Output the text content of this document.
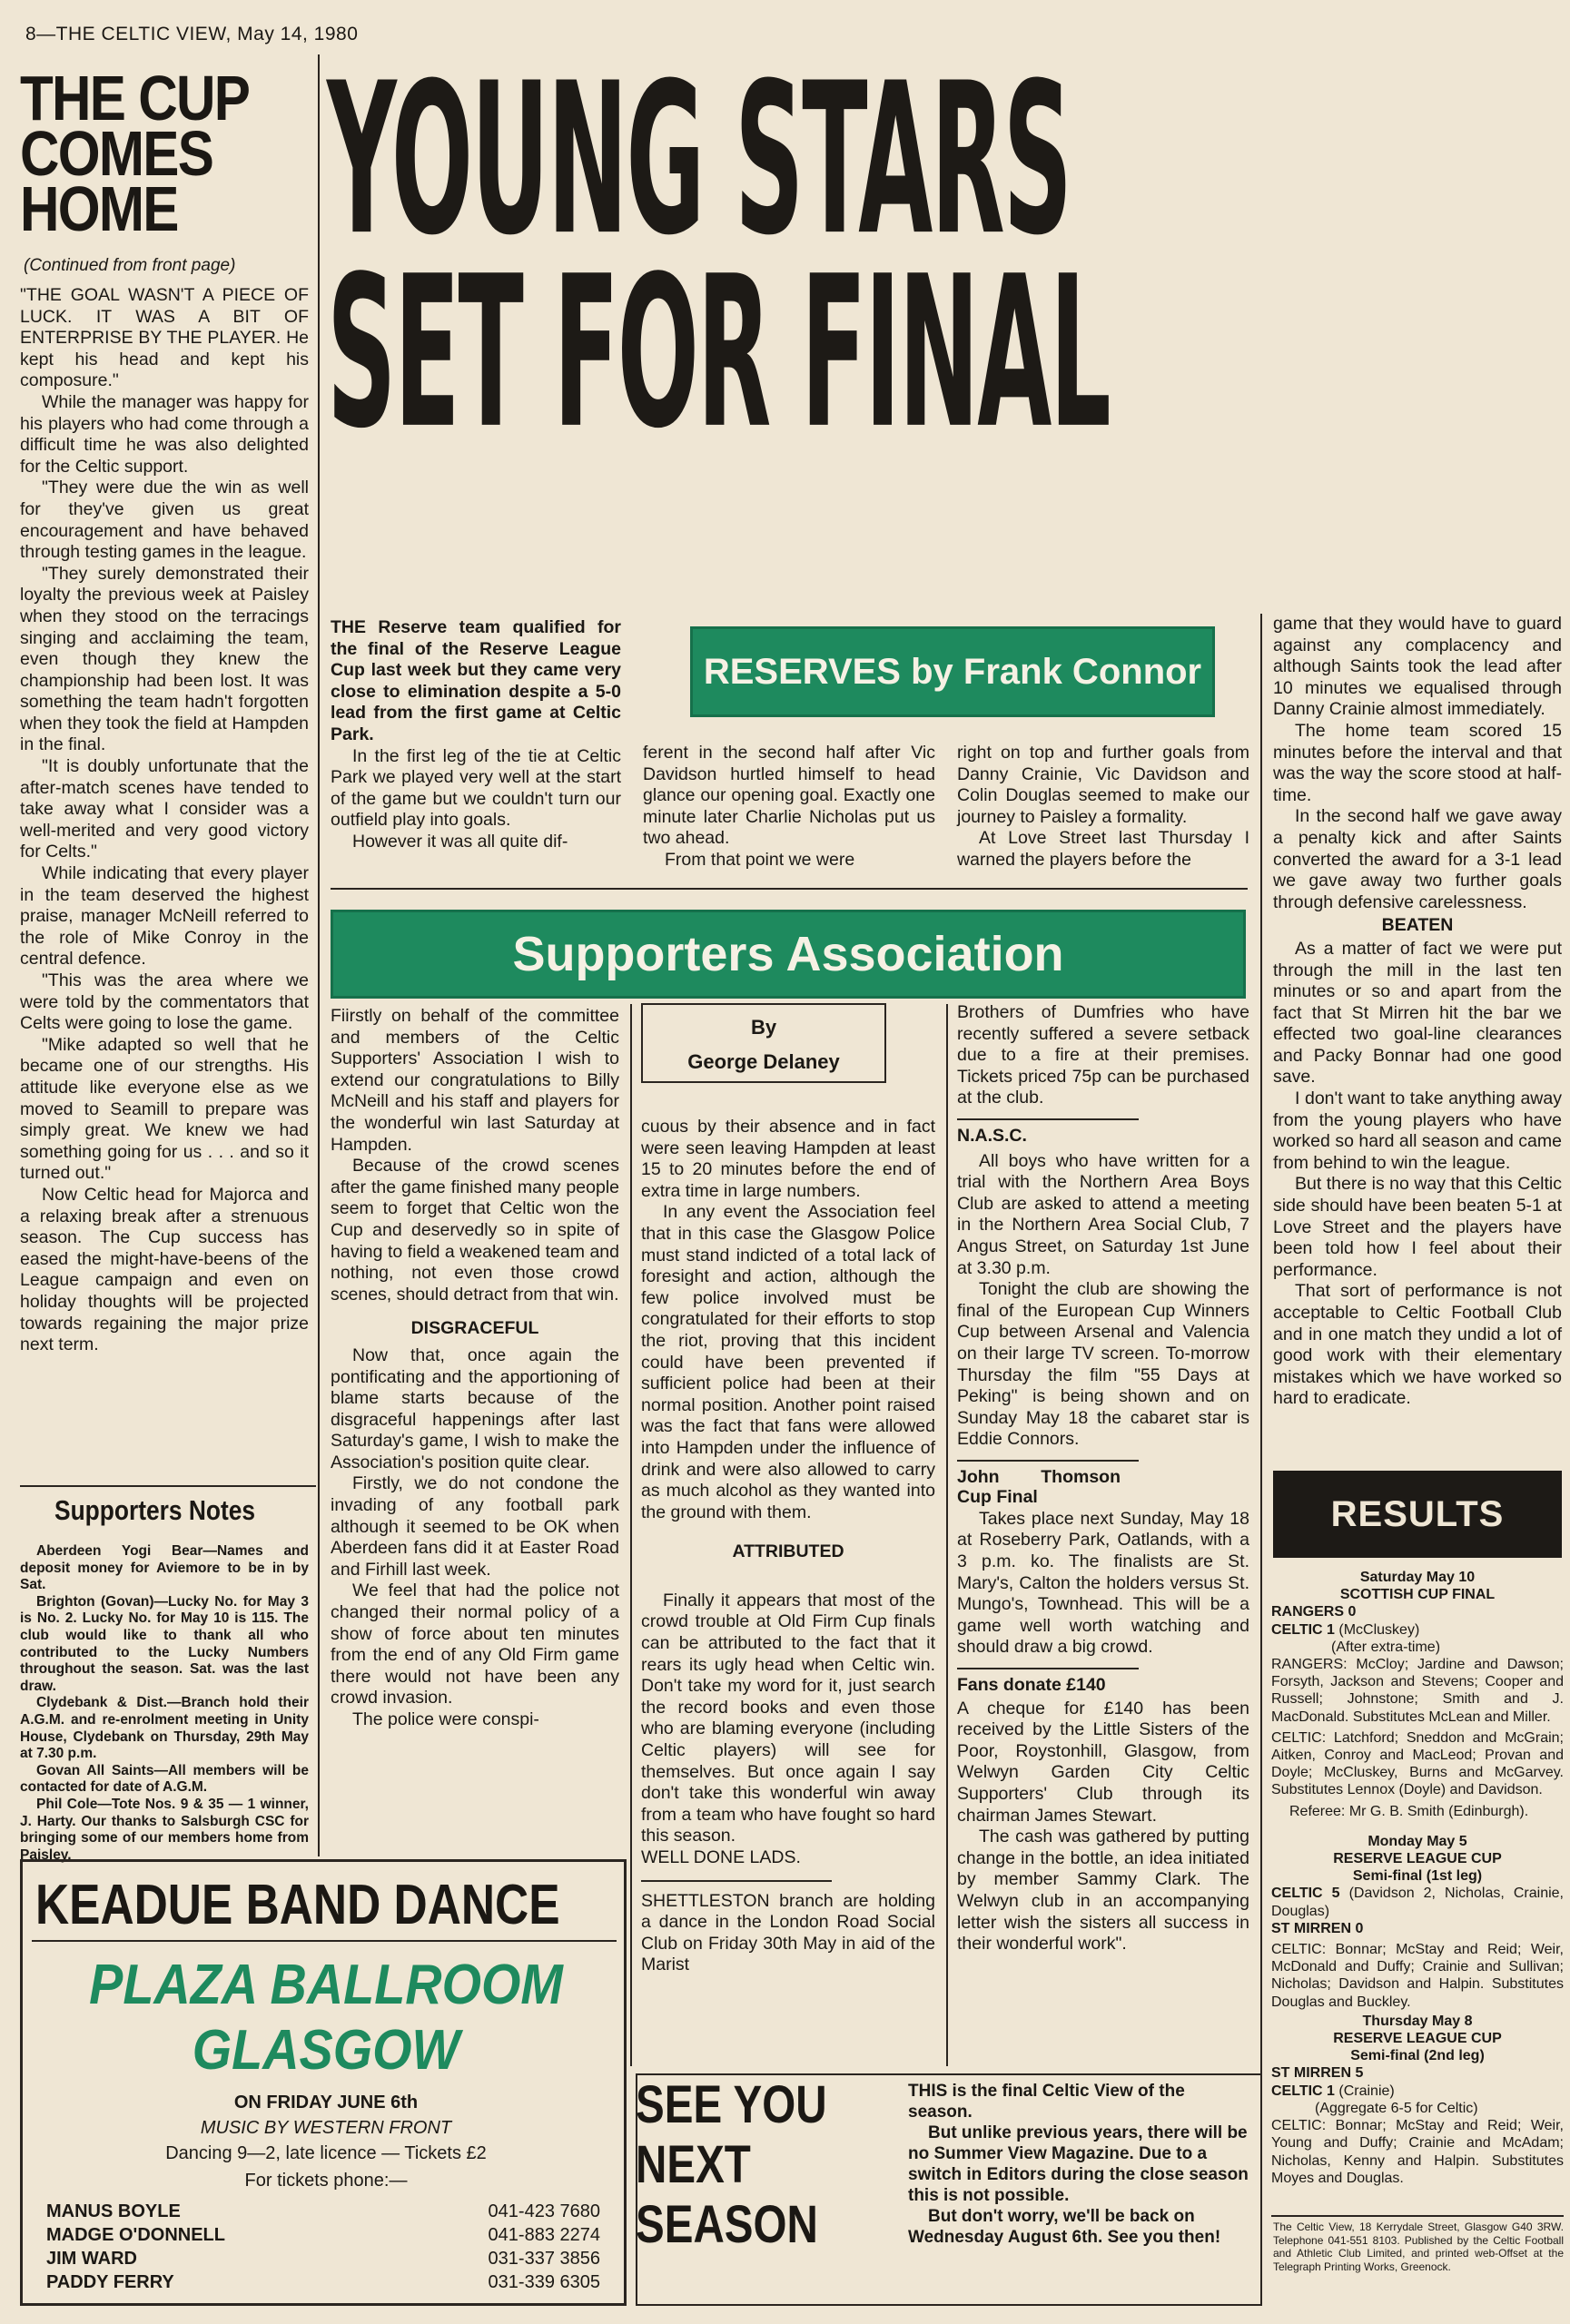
8—THE CELTIC VIEW, May 14, 1980
THE CUP
COMES
HOME
(Continued from front page)

"THE GOAL WASN'T A PIECE OF LUCK. IT WAS A BIT OF ENTERPRISE BY THE PLAYER. He kept his head and kept his composure."

While the manager was happy for his players who had come through a difficult time he was also delighted for the Celtic support.

"They were due the win as well for they've given us great encouragement and have behaved through testing games in the league.

"They surely demonstrated their loyalty the previous week at Paisley when they stood on the terracings singing and acclaiming the team, even though they knew the championship had been lost. It was something the team hadn't forgotten when they took the field at Hampden in the final.

"It is doubly unfortunate that the after-match scenes have tended to take away what I consider was a well-merited and very good victory for Celts."

While indicating that every player in the team deserved the highest praise, manager McNeill referred to the role of Mike Conroy in the central defence.

"This was the area where we were told by the commentators that Celts were going to lose the game.

"Mike adapted so well that he became one of our strengths. His attitude like everyone else as we moved to Seamill to prepare was simply great. We knew we had something going for us . . . and so it turned out."

Now Celtic head for Majorca and a relaxing break after a strenuous season. The Cup success has eased the might-have-beens of the League campaign and even on holiday thoughts will be projected towards regaining the major prize next term.

Supporters Notes

Aberdeen Yogi Bear—Names and deposit money for Aviemore to be in by Sat.

Brighton (Govan)—Lucky No. for May 3 is No. 2. Lucky No. for May 10 is 115. The club would like to thank all who contributed to the Lucky Numbers throughout the season. Sat. was the last draw.

Clydebank & Dist.—Branch hold their A.G.M. and re-enrolment meeting in Unity House, Clydebank on Thursday, 29th May at 7.30 p.m.

Govan All Saints—All members will be contacted for date of A.G.M.

Phil Cole—Tote Nos. 9 & 35 — 1 winner, J. Harty. Our thanks to Salsburgh CSC for bringing some of our members home from Paisley.

YOUNG STARS
SET FOR FINAL
RESERVES by Frank Connor

THE Reserve team qualified for the final of the Reserve League Cup last week but they came very close to elimination despite a 5-0 lead from the first game at Celtic Park.

In the first leg of the tie at Celtic Park we played very well at the start of the game but we couldn't turn our outfield play into goals.

However it was all quite dif-

ferent in the second half after Vic Davidson hurtled himself to head glance our opening goal. Exactly one minute later Charlie Nicholas put us two ahead.

From that point we were

right on top and further goals from Danny Crainie, Vic Davidson and Colin Douglas seemed to make our journey to Paisley a formality.

At Love Street last Thursday I warned the players before the

game that they would have to guard against any complacency and although Saints took the lead after 10 minutes we equalised through Danny Crainie almost immediately.

The home team scored 15 minutes before the interval and that was the way the score stood at half-time.

In the second half we gave away a penalty kick and after Saints converted the award for a 3-1 lead we gave away two further goals through defensive carelessness.

BEATEN

As a matter of fact we were put through the mill in the last ten minutes or so and apart from the fact that St Mirren hit the bar we effected two goal-line clearances and Packy Bonnar had one good save.

I don't want to take anything away from the young players who have worked so hard all season and came from behind to win the league.

But there is no way that this Celtic side should have been beaten 5-1 at Love Street and the players have been told how I feel about their performance.

That sort of performance is not acceptable to Celtic Football Club and in one match they undid a lot of good work with their elementary mistakes which we have worked so hard to eradicate.

Supporters Association

Fiirstly on behalf of the committee and members of the Celtic Supporters' Association I wish to extend our congratulations to Billy McNeill and his staff and players for the wonderful win last Saturday at Hampden.

Because of the crowd scenes after the game finished many people seem to forget that Celtic won the Cup and deservedly so in spite of having to field a weakened team and nothing, not even those crowd scenes, should detract from that win.

DISGRACEFUL

Now that, once again the pontificating and the apportioning of blame starts because of the disgraceful happenings after last Saturday's game, I wish to make the Association's position quite clear.

Firstly, we do not condone the invading of any football park although it seemed to be OK when Aberdeen fans did it at Easter Road and Firhill last week.

We feel that had the police not changed their normal policy of a show of force about ten minutes from the end of any Old Firm game there would not have been any crowd invasion.

The police were conspi-

By
George Delaney

cuous by their absence and in fact were seen leaving Hampden at least 15 to 20 minutes before the end of extra time in large numbers.

In any event the Association feel that in this case the Glasgow Police must stand indicted of a total lack of foresight and action, although the few police involved must be congratulated for their efforts to stop the riot, proving that this incident could have been prevented if sufficient police had been at their normal position. Another point raised was the fact that fans were allowed into Hampden under the influence of drink and were also allowed to carry as much alcohol as they wanted into the ground with them.

ATTRIBUTED

Finally it appears that most of the crowd trouble at Old Firm Cup finals can be attributed to the fact that it rears its ugly head when Celtic win. Don't take my word for it, just search the record books and even those who are blaming everyone (including Celtic players) will see for themselves. But once again I say don't take this wonderful win away from a team who have fought so hard this season.

WELL DONE LADS.

SHETTLESTON branch are holding a dance in the London Road Social Club on Friday 30th May in aid of the Marist

Brothers of Dumfries who have recently suffered a severe setback due to a fire at their premises. Tickets priced 75p can be purchased at the club.

N.A.S.C.

All boys who have written for a trial with the Northern Area Boys Club are asked to attend a meeting in the Northern Area Social Club, 7 Angus Street, on Saturday 1st June at 3.30 p.m.

Tonight the club are showing the final of the European Cup Winners Cup between Arsenal and Valencia on their large TV screen. To-morrow Thursday the film "55 Days at Peking" is being shown and on Sunday May 18 the cabaret star is Eddie Connors.

John Thomson Cup Final

Takes place next Sunday, May 18 at Roseberry Park, Oatlands, with a 3 p.m. ko. The finalists are St. Mary's, Calton the holders versus St. Mungo's, Townhead. This will be a game well worth watching and should draw a big crowd.

Fans donate £140

A cheque for £140 has been received by the Little Sisters of the Poor, Roystonhill, Glasgow, from Welwyn Garden City Celtic Supporters' Club through its chairman James Stewart.

The cash was gathered by putting change in the bottle, an idea initiated by member Sammy Clark. The Welwyn club in an accompanying letter wish the sisters all success in their wonderful work".

KEADUE BAND DANCE
PLAZA BALLROOM
GLASGOW
ON FRIDAY JUNE 6th
MUSIC BY WESTERN FRONT
Dancing 9—2, late licence — Tickets £2
For tickets phone:—
MANUS BOYLE	041-423 7680
MADGE O'DONNELL	041-883 2274
JIM WARD	031-337 3856
PADDY FERRY	031-339 6305
RESULTS
Saturday May 10
SCOTTISH CUP FINAL
RANGERS 0
CELTIC 1 (McCluskey)
(After extra-time)
RANGERS: McCloy; Jardine and Dawson; Forsyth, Jackson and Stevens; Cooper and Russell; Johnstone; Smith and J. MacDonald. Substitutes McLean and Miller.
CELTIC: Latchford; Sneddon and McGrain; Aitken, Conroy and MacLeod; Provan and Doyle; McCluskey, Burns and McGarvey. Substitutes Lennox (Doyle) and Davidson.
Referee: Mr G. B. Smith (Edinburgh).
Monday May 5
RESERVE LEAGUE CUP
Semi-final (1st leg)
CELTIC 5 (Davidson 2, Nicholas, Crainie, Douglas)
ST MIRREN 0
CELTIC: Bonnar; McStay and Reid; Weir, McDonald and Duffy; Crainie and Sullivan; Nicholas; Davidson and Halpin. Substitutes Douglas and Buckley.
Thursday May 8
RESERVE LEAGUE CUP
Semi-final (2nd leg)
ST MIRREN 5
CELTIC 1 (Crainie)
(Aggregate 6-5 for Celtic)
CELTIC: Bonnar; McStay and Reid; Weir, Young and Duffy; Crainie and McAdam; Nicholas, Kenny and Halpin. Substitutes Moyes and Douglas.
The Celtic View, 18 Kerrydale Street, Glasgow G40 3RW. Telephone 041-551 8103. Published by the Celtic Football and Athletic Club Limited, and printed web-Offset at the Telegraph Printing Works, Greenock.
SEE YOU
NEXT
SEASON

THIS is the final Celtic View of the season.

But unlike previous years, there will be no Summer View Magazine. Due to a switch in Editors during the close season this is not possible.

But don't worry, we'll be back on Wednesday August 6th. See you then!
